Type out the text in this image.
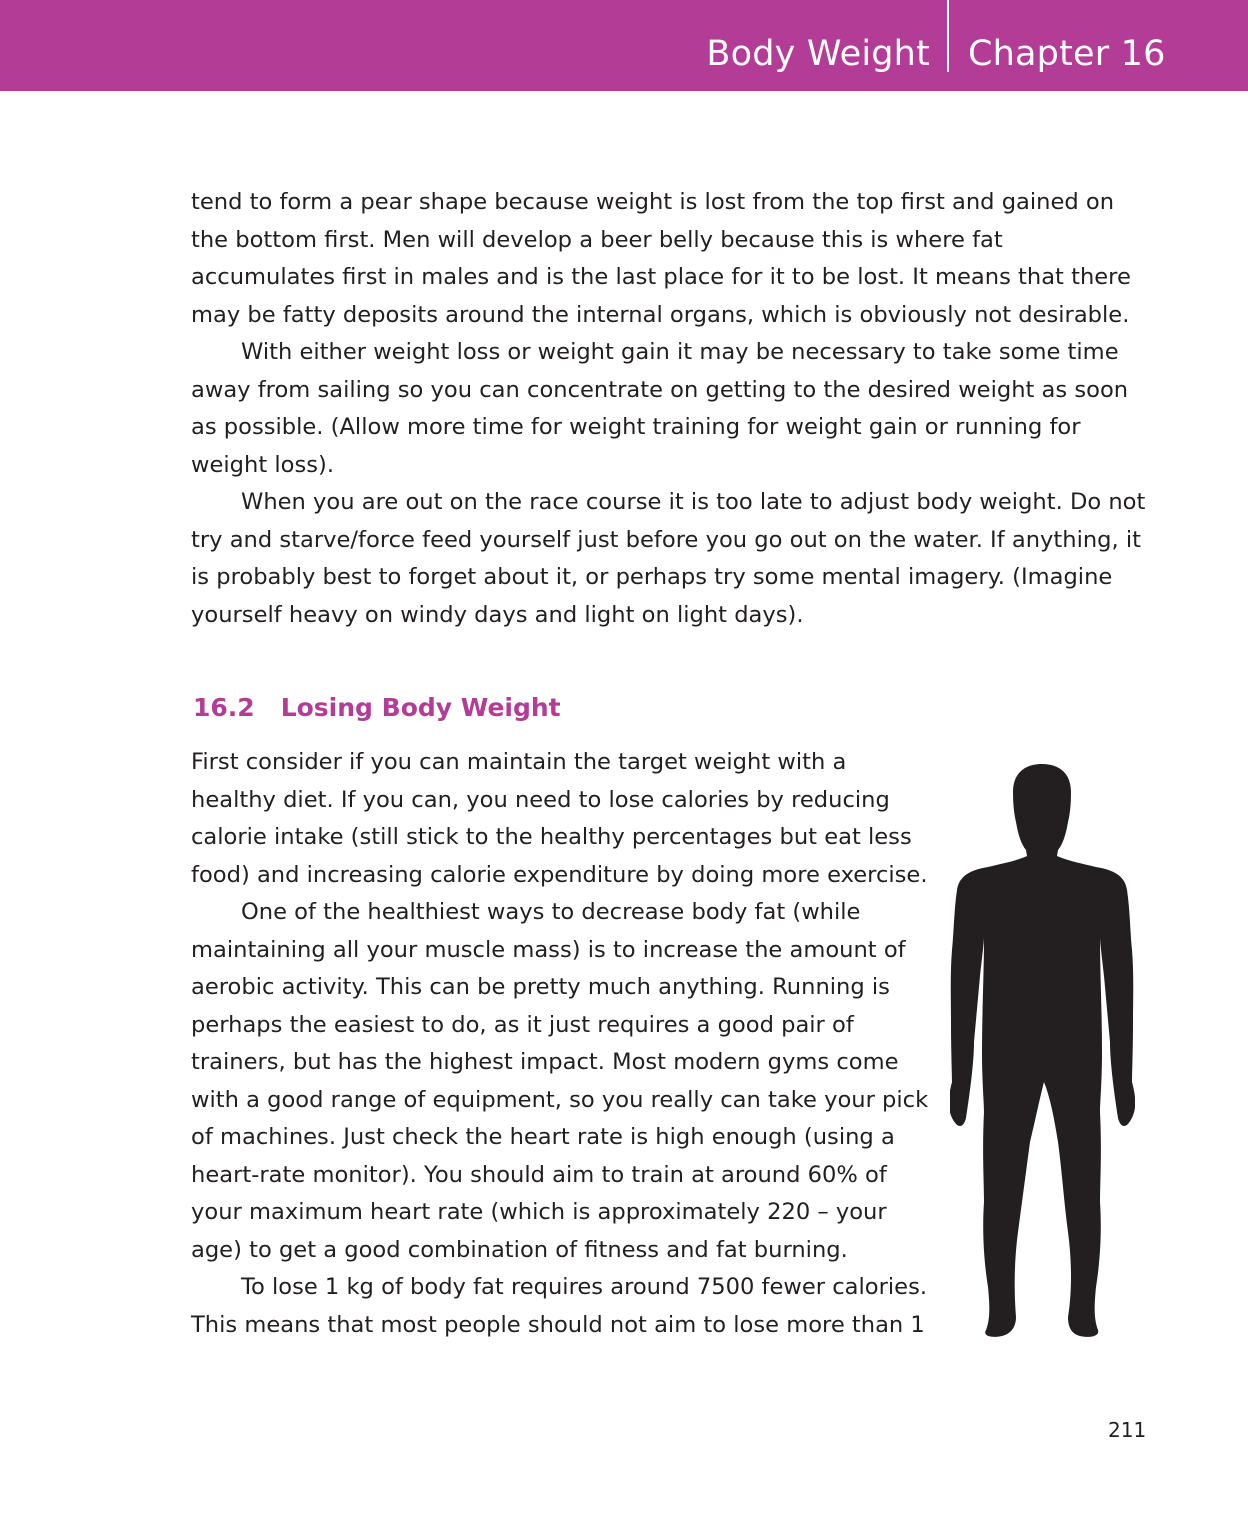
Body Weight Chapter 16

tend to form a pear shape because weight is lost from the top first and gained on the bottom first. Men will develop a beer belly because this is where fat accumulates first in males and is the last place for it to be lost. It means that there may be fatty deposits around the internal organs, which is obviously not desirable.

With either weight loss or weight gain it may be necessary to take some time away from sailing so you can concentrate on getting to the desired weight as soon as possible. (Allow more time for weight training for weight gain or running for weight loss).

When you are out on the race course it is too late to adjust body weight. Do not try and starve/force feed yourself just before you go out on the water. If anything, it is probably best to forget about it, or perhaps try some mental imagery. (Imagine yourself heavy on windy days and light on light days).

16.2 Losing Body Weight

First consider if you can maintain the target weight with a healthy diet. If you can, you need to lose calories by reducing calorie intake (still stick to the healthy percentages but eat less food) and increasing calorie expenditure by doing more exercise.

One of the healthiest ways to decrease body fat (while maintaining all your muscle mass) is to increase the amount of aerobic activity. This can be pretty much anything. Running is perhaps the easiest to do, as it just requires a good pair of trainers, but has the highest impact. Most modern gyms come with a good range of equipment, so you really can take your pick of machines. Just check the heart rate is high enough (using a heart-rate monitor). You should aim to train at around 60% of your maximum heart rate (which is approximately 220 – your age) to get a good combination of fitness and fat burning.

To lose 1 kg of body fat requires around 7500 fewer calories. This means that most people should not aim to lose more than 1

211
